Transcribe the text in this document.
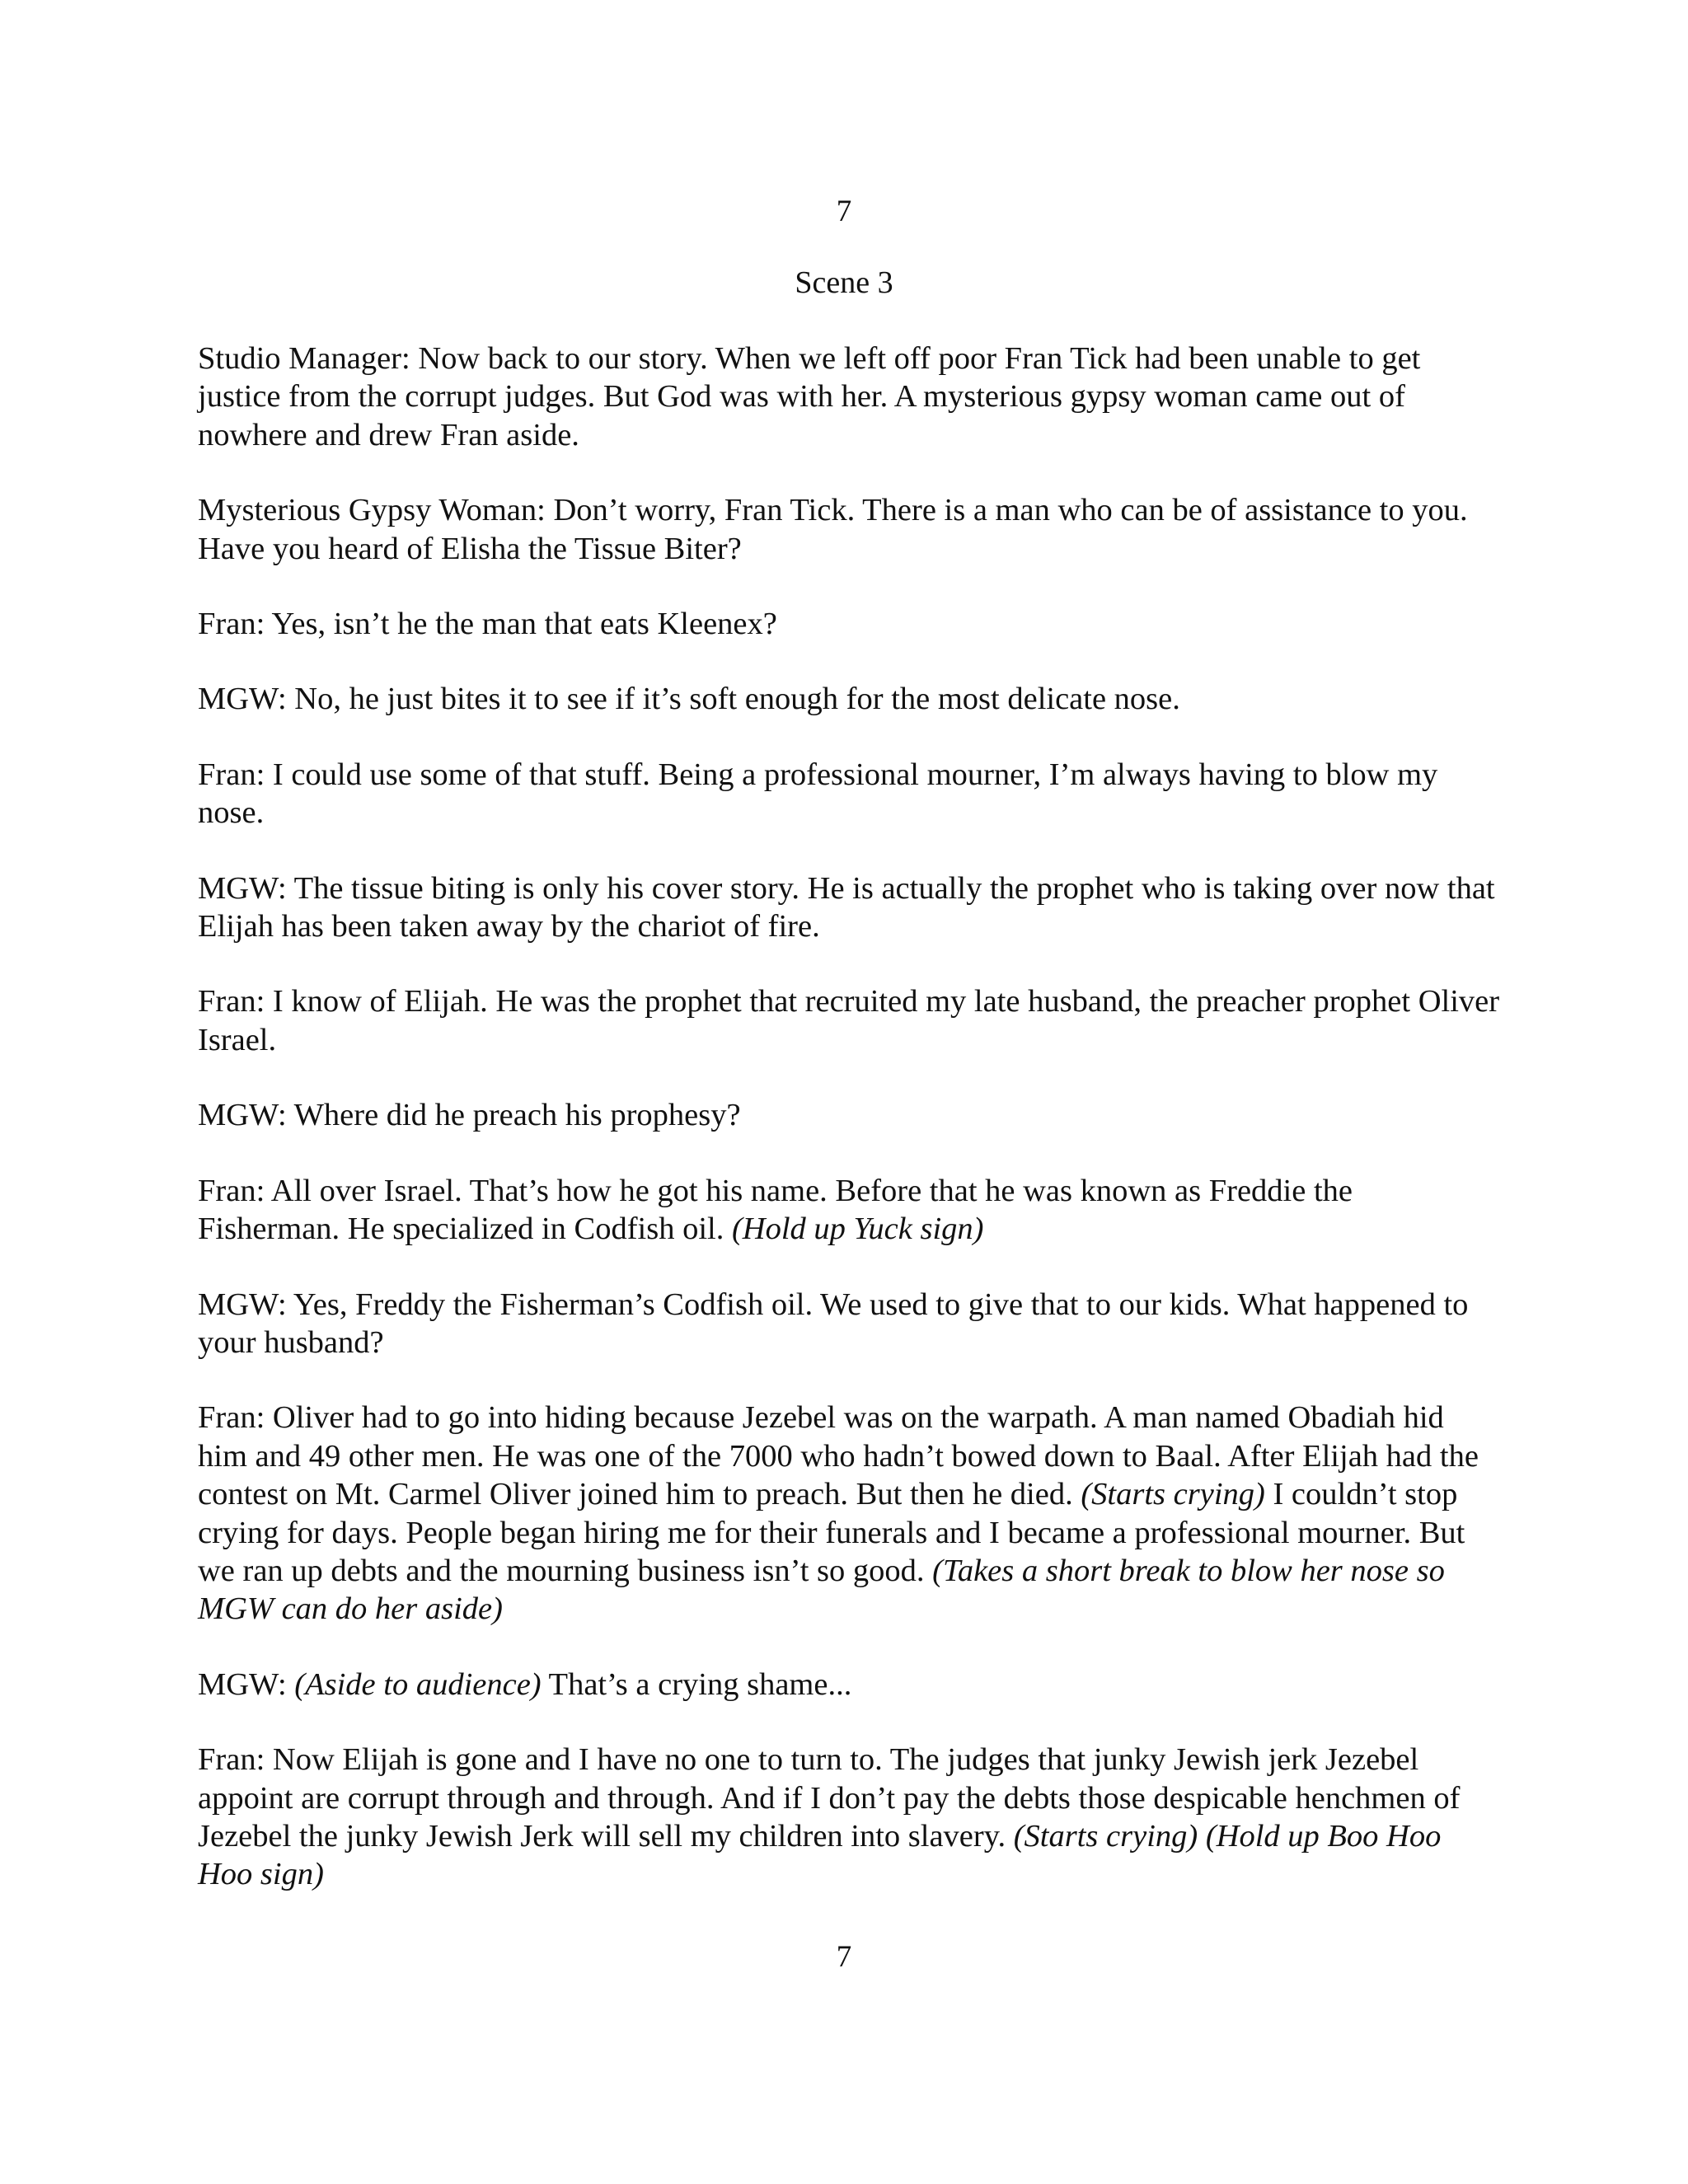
7
Scene 3

Studio Manager: Now back to our story. When we left off poor Fran Tick had been unable to get justice from the corrupt judges. But God was with her. A mysterious gypsy woman came out of nowhere and drew Fran aside.

Mysterious Gypsy Woman: Don’t worry, Fran Tick. There is a man who can be of assistance to you. Have you heard of Elisha the Tissue Biter?

Fran: Yes, isn’t he the man that eats Kleenex?

MGW: No, he just bites it to see if it’s soft enough for the most delicate nose.

Fran: I could use some of that stuff. Being a professional mourner, I’m always having to blow my nose.

MGW: The tissue biting is only his cover story. He is actually the prophet who is taking over now that Elijah has been taken away by the chariot of fire.

Fran: I know of Elijah. He was the prophet that recruited my late husband, the preacher prophet Oliver Israel.

MGW: Where did he preach his prophesy?

Fran: All over Israel. That’s how he got his name. Before that he was known as Freddie the Fisherman. He specialized in Codfish oil. (Hold up Yuck sign)

MGW: Yes, Freddy the Fisherman’s Codfish oil. We used to give that to our kids. What happened to your husband?

Fran: Oliver had to go into hiding because Jezebel was on the warpath. A man named Obadiah hid him and 49 other men. He was one of the 7000 who hadn’t bowed down to Baal. After Elijah had the contest on Mt. Carmel Oliver joined him to preach. But then he died. (Starts crying) I couldn’t stop crying for days. People began hiring me for their funerals and I became a professional mourner. But we ran up debts and the mourning business isn’t so good. (Takes a short break to blow her nose so MGW can do her aside)

MGW: (Aside to audience) That’s a crying shame...

Fran: Now Elijah is gone and I have no one to turn to. The judges that junky Jewish jerk Jezebel appoint are corrupt through and through. And if I don’t pay the debts those despicable henchmen of Jezebel the junky Jewish Jerk will sell my children into slavery. (Starts crying) (Hold up Boo Hoo Hoo sign)

7
